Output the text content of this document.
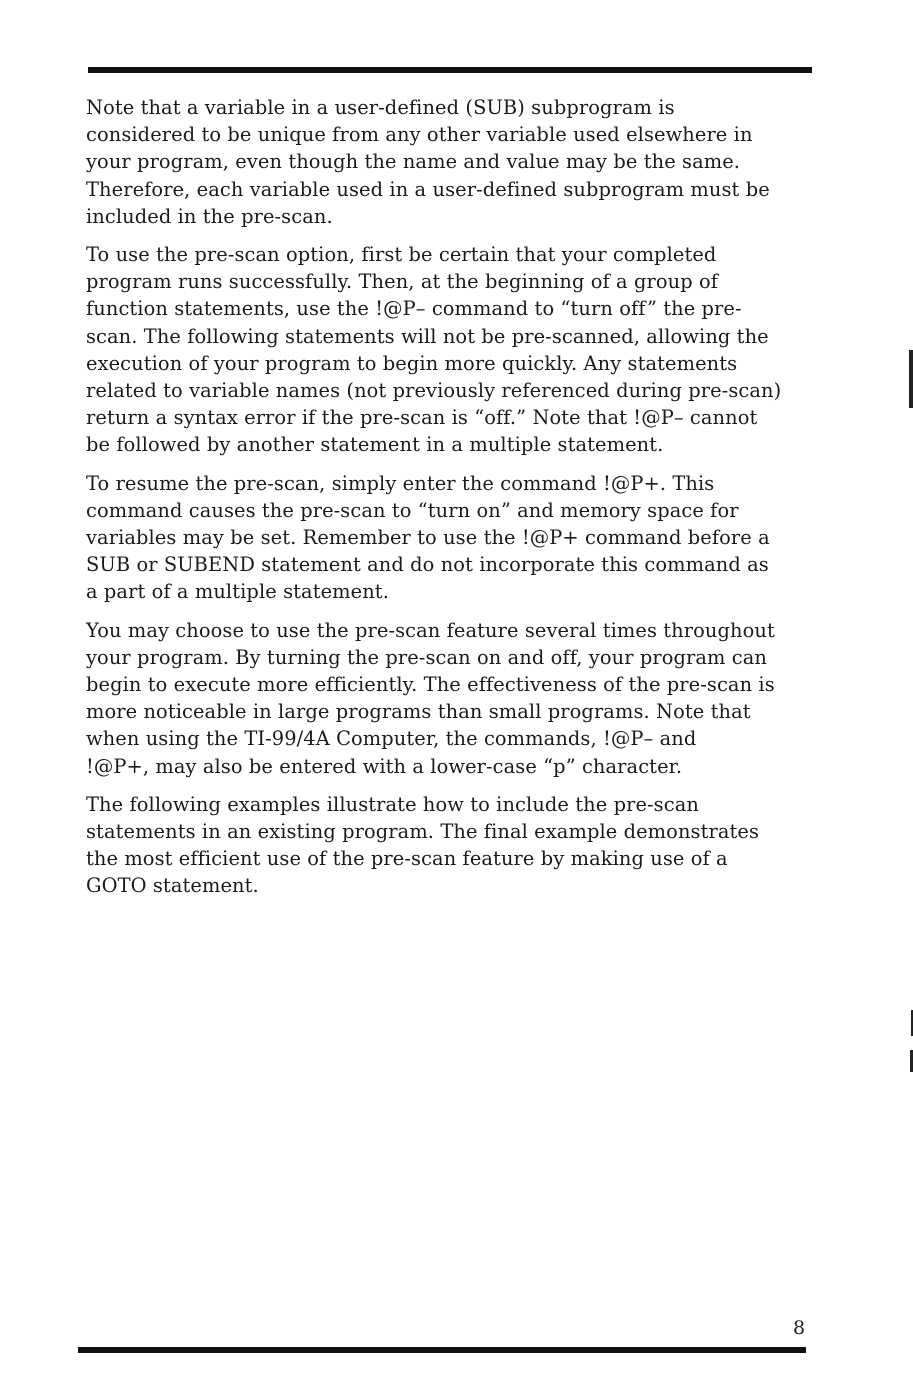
Note that a variable in a user-defined (SUB) subprogram is
considered to be unique from any other variable used elsewhere in
your program, even though the name and value may be the same.
Therefore, each variable used in a user-defined subprogram must be
included in the pre-scan.

To use the pre-scan option, first be certain that your completed
program runs successfully. Then, at the beginning of a group of
function statements, use the !@P– command to “turn off” the pre-
scan. The following statements will not be pre-scanned, allowing the
execution of your program to begin more quickly. Any statements
related to variable names (not previously referenced during pre-scan)
return a syntax error if the pre-scan is “off.” Note that !@P– cannot
be followed by another statement in a multiple statement.

To resume the pre-scan, simply enter the command !@P+. This
command causes the pre-scan to “turn on” and memory space for
variables may be set. Remember to use the !@P+ command before a
SUB or SUBEND statement and do not incorporate this command as
a part of a multiple statement.

You may choose to use the pre-scan feature several times throughout
your program. By turning the pre-scan on and off, your program can
begin to execute more efficiently. The effectiveness of the pre-scan is
more noticeable in large programs than small programs. Note that
when using the TI-99/4A Computer, the commands, !@P– and
!@P+, may also be entered with a lower-case “p” character.

The following examples illustrate how to include the pre-scan
statements in an existing program. The final example demonstrates
the most efficient use of the pre-scan feature by making use of a
GOTO statement.

8
